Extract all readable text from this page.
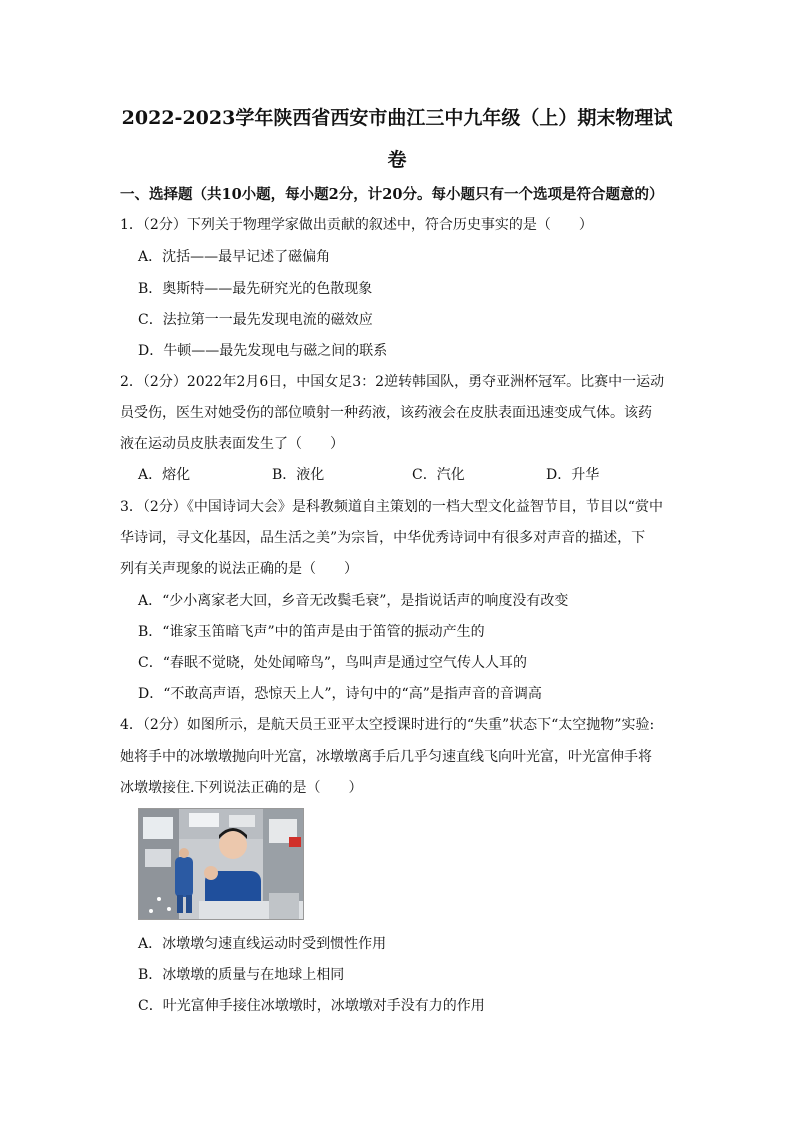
2022-2023学年陕西省西安市曲江三中九年级（上）期末物理试
卷
一、选择题（共10小题，每小题2分，计20分。每小题只有一个选项是符合题意的）
1．（2分）下列关于物理学家做出贡献的叙述中，符合历史事实的是（　　）
A．沈括——最早记述了磁偏角
B．奥斯特——最先研究光的色散现象
C．法拉第一一最先发现电流的磁效应
D．牛顿——最先发现电与磁之间的联系
2．（2分）2022年2月6日，中国女足3：2逆转韩国队，勇夺亚洲杯冠军。比赛中一运动
员受伤，医生对她受伤的部位喷射一种药液，该药液会在皮肤表面迅速变成气体。该药
液在运动员皮肤表面发生了（　　）
A．熔化	B．液化	C．汽化	D．升华
3．（2分）《中国诗词大会》是科教频道自主策划的一档大型文化益智节目，节目以“赏中
华诗词，寻文化基因，品生活之美”为宗旨，中华优秀诗词中有很多对声音的描述，下
列有关声现象的说法正确的是（　　）
A．“少小离家老大回，乡音无改鬓毛衰”，是指说话声的响度没有改变
B．“谁家玉笛暗飞声”中的笛声是由于笛管的振动产生的
C．“春眠不觉晓，处处闻啼鸟”，鸟叫声是通过空气传人人耳的
D．“不敢高声语，恐惊天上人”，诗句中的“高”是指声音的音调高
4．（2分）如图所示，是航天员王亚平太空授课时进行的“失重”状态下“太空抛物”实验:
她将手中的冰墩墩抛向叶光富，冰墩墩离手后几乎匀速直线飞向叶光富，叶光富伸手将
冰墩墩接住.下列说法正确的是（　　）
A．冰墩墩匀速直线运动时受到惯性作用
B．冰墩墩的质量与在地球上相同
C．叶光富伸手接住冰墩墩时，冰墩墩对手没有力的作用
